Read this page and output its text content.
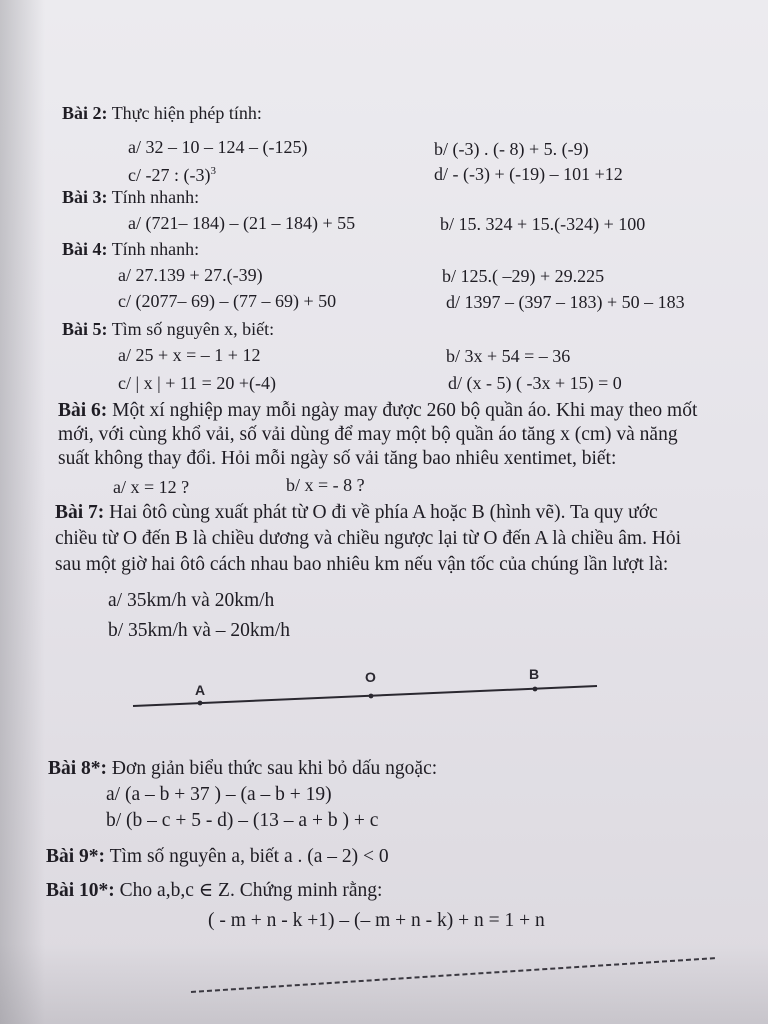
Bài 2: Thực hiện phép tính:
a/ 32 – 10 – 124 – (-125)	b/ (-3) . (- 8) + 5. (-9)
c/ -27 : $(-3)^3$	d/ - (-3) + (-19) – 101 +12
Bài 3: Tính nhanh:
a/ (721– 184) – (21 – 184) + 55	b/ 15. 324 + 15.(-324) + 100
Bài 4: Tính nhanh:
a/ 27.139 + 27.(-39)	b/ 125.( –29) + 29.225
c/ (2077– 69) – (77 – 69) + 50	d/ 1397 – (397 – 183) + 50 – 183
Bài 5: Tìm số nguyên x, biết:
a/ 25 + x = – 1 + 12	b/ 3x + 54 = – 36
c/ | x | + 11 = 20 +(-4)	d/ (x - 5) ( -3x + 15) = 0
Bài 6: Một xí nghiệp may mỗi ngày may được 260 bộ quần áo. Khi may theo mốt
mới, với cùng khổ vải, số vải dùng để may một bộ quần áo tăng x (cm) và năng
suất không thay đổi. Hỏi mỗi ngày số vải tăng bao nhiêu xentimet, biết:
a/ x = 12 ?	b/ x = - 8 ?
Bài 7: Hai ôtô cùng xuất phát từ O đi về phía A hoặc B (hình vẽ). Ta quy ước
chiều từ O đến B là chiều dương và chiều ngược lại từ O đến A là chiều âm. Hỏi
sau một giờ hai ôtô cách nhau bao nhiêu km nếu vận tốc của chúng lần lượt là:
a/ 35km/h và 20km/h
b/ 35km/h và – 20km/h
A
O	B
Bài 8*: Đơn giản biểu thức sau khi bỏ dấu ngoặc:
a/ (a – b + 37 ) – (a – b + 19)
b/ (b – c + 5 - d) – (13 – a + b ) + c
Bài 9*: Tìm số nguyên a, biết a . (a – 2) < 0
Bài 10*: Cho a,b,c ∈ Z. Chứng minh rằng:
( - m + n - k +1) – (– m + n - k) + n = 1 + n
